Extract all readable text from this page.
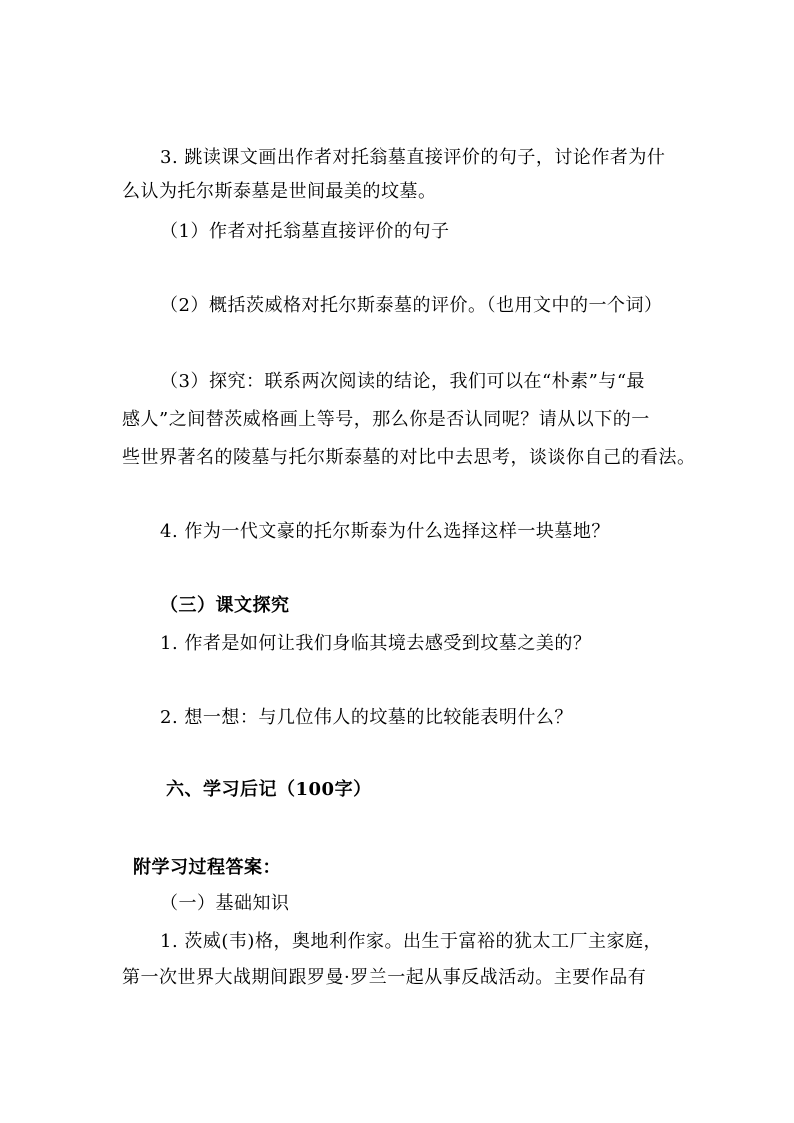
3. 跳读课文画出作者对托翁墓直接评价的句子，讨论作者为什
么认为托尔斯泰墓是世间最美的坟墓。
（1）作者对托翁墓直接评价的句子
（2）概括茨威格对托尔斯泰墓的评价。（也用文中的一个词）
（3）探究：联系两次阅读的结论，我们可以在“朴素”与“最
感人”之间替茨威格画上等号，那么你是否认同呢？请从以下的一
些世界著名的陵墓与托尔斯泰墓的对比中去思考，谈谈你自己的看法。
4. 作为一代文豪的托尔斯泰为什么选择这样一块墓地？
（三）课文探究
1. 作者是如何让我们身临其境去感受到坟墓之美的？
2. 想一想：与几位伟人的坟墓的比较能表明什么？
六、学习后记（100字）
附学习过程答案：
（一）基础知识
1. 茨威(韦)格，奥地利作家。出生于富裕的犹太工厂主家庭，
第一次世界大战期间跟罗曼·罗兰一起从事反战活动。主要作品有
